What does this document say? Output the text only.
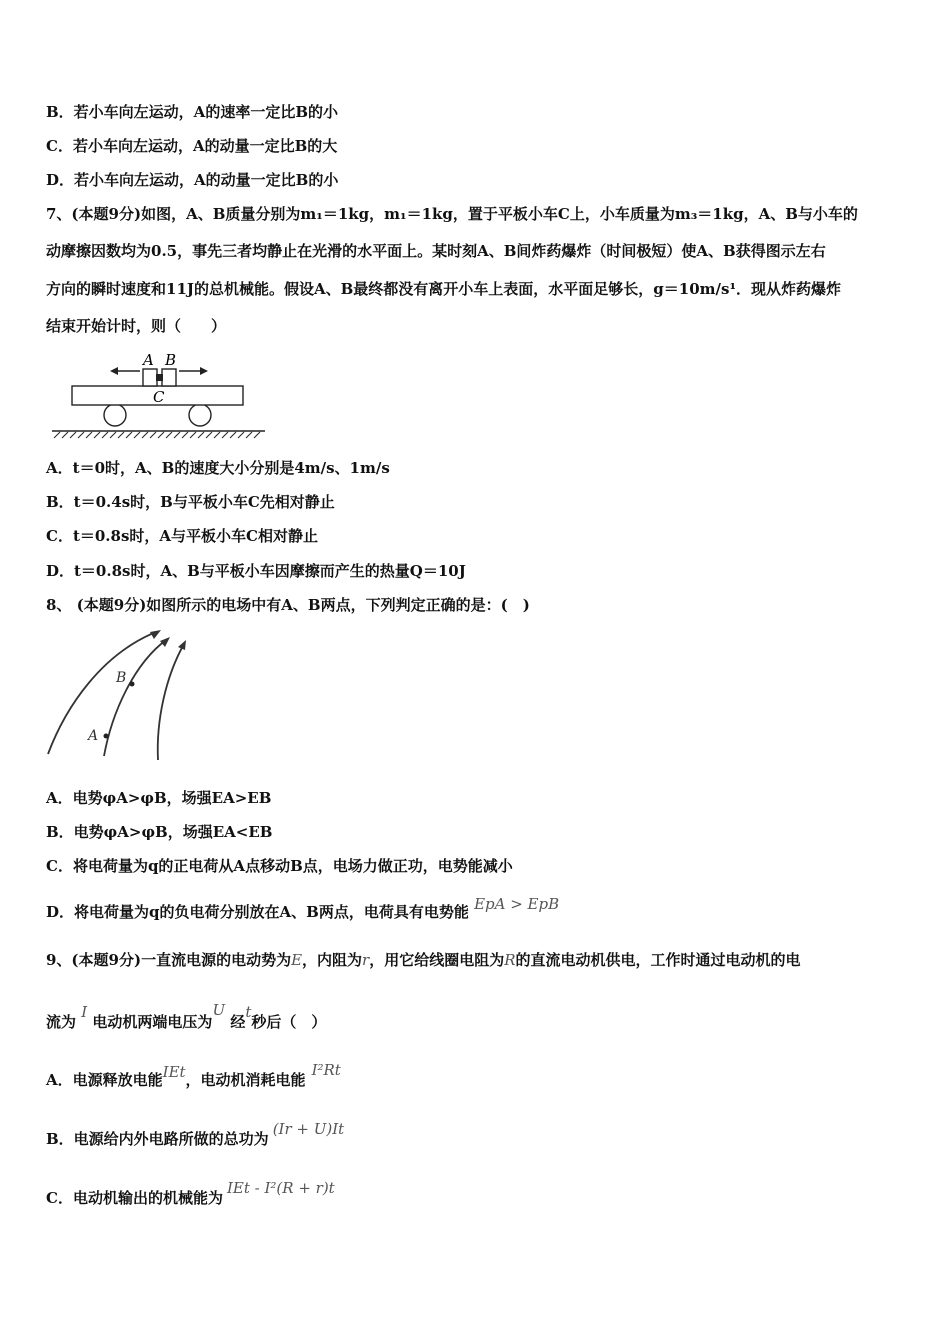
B．若小车向左运动，A的速率一定比B的小
C．若小车向左运动，A的动量一定比B的大
D．若小车向左运动，A的动量一定比B的小
7、(本题9分)如图，A、B质量分别为m₁＝1kg，m₁＝1kg，置于平板小车C上，小车质量为m₃＝1kg，A、B与小车的
动摩擦因数均为0.5，事先三者均静止在光滑的水平面上。某时刻A、B间炸药爆炸（时间极短）使A、B获得图示左右
方向的瞬时速度和11J的总机械能。假设A、B最终都没有离开小车上表面，水平面足够长，g＝10m/s¹．现从炸药爆炸
结束开始计时，则（　　）
A B
C
A．t＝0时，A、B的速度大小分别是4m/s、1m/s
B．t＝0.4s时，B与平板小车C先相对静止
C．t＝0.8s时，A与平板小车C相对静止
D．t＝0.8s时，A、B与平板小车因摩擦而产生的热量Q＝10J
8、 (本题9分)如图所示的电场中有A、B两点，下列判定正确的是：(　)
A
B
A．电势φA>φB，场强EA>EB
B．电势φA>φB，场强EA<EB
C．将电荷量为q的正电荷从A点移动B点，电场力做正功，电势能减小
D．将电荷量为q的负电荷分别放在A、B两点，电荷具有电势能 EpA > EpB
9、(本题9分)一直流电源的电动势为E，内阻为r，用它给线圈电阻为R的直流电动机供电，工作时通过电动机的电
流为 I 电动机两端电压为U 经t秒后（　）
A．电源释放电能IEt，电动机消耗电能I²Rt
B．电源给内外电路所做的总功为(Ir + U)It
C．电动机输出的机械能为IEt - I²(R + r)t
